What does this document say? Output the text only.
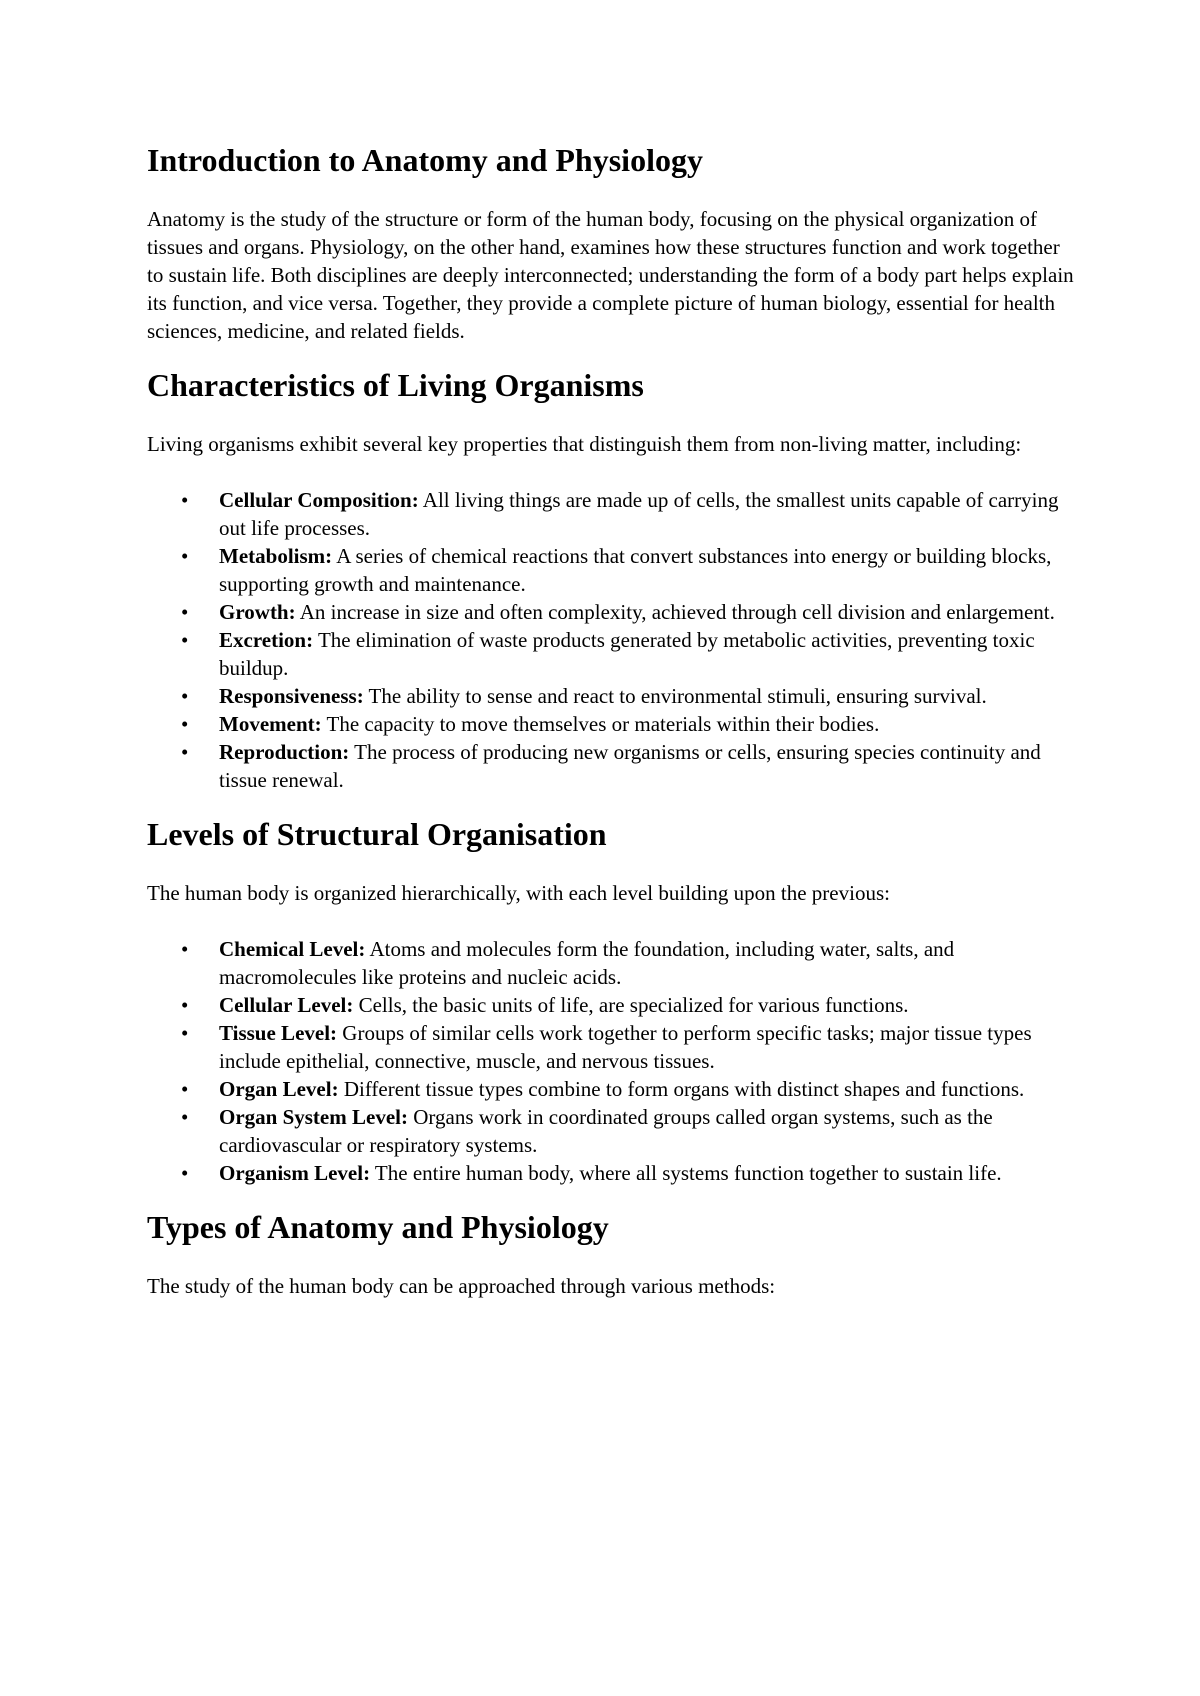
Introduction to Anatomy and Physiology

Anatomy is the study of the structure or form of the human body, focusing on the physical organization of tissues and organs. Physiology, on the other hand, examines how these structures function and work together to sustain life. Both disciplines are deeply interconnected; understanding the form of a body part helps explain its function, and vice versa. Together, they provide a complete picture of human biology, essential for health sciences, medicine, and related fields.

Characteristics of Living Organisms

Living organisms exhibit several key properties that distinguish them from non-living matter, including:

• Cellular Composition: All living things are made up of cells, the smallest units capable of carrying out life processes.
• Metabolism: A series of chemical reactions that convert substances into energy or building blocks, supporting growth and maintenance.
• Growth: An increase in size and often complexity, achieved through cell division and enlargement.
• Excretion: The elimination of waste products generated by metabolic activities, preventing toxic buildup.
• Responsiveness: The ability to sense and react to environmental stimuli, ensuring survival.
• Movement: The capacity to move themselves or materials within their bodies.
• Reproduction: The process of producing new organisms or cells, ensuring species continuity and tissue renewal.
Levels of Structural Organisation

The human body is organized hierarchically, with each level building upon the previous:

• Chemical Level: Atoms and molecules form the foundation, including water, salts, and macromolecules like proteins and nucleic acids.
• Cellular Level: Cells, the basic units of life, are specialized for various functions.
• Tissue Level: Groups of similar cells work together to perform specific tasks; major tissue types include epithelial, connective, muscle, and nervous tissues.
• Organ Level: Different tissue types combine to form organs with distinct shapes and functions.
• Organ System Level: Organs work in coordinated groups called organ systems, such as the cardiovascular or respiratory systems.
• Organism Level: The entire human body, where all systems function together to sustain life.
Types of Anatomy and Physiology

The study of the human body can be approached through various methods:
